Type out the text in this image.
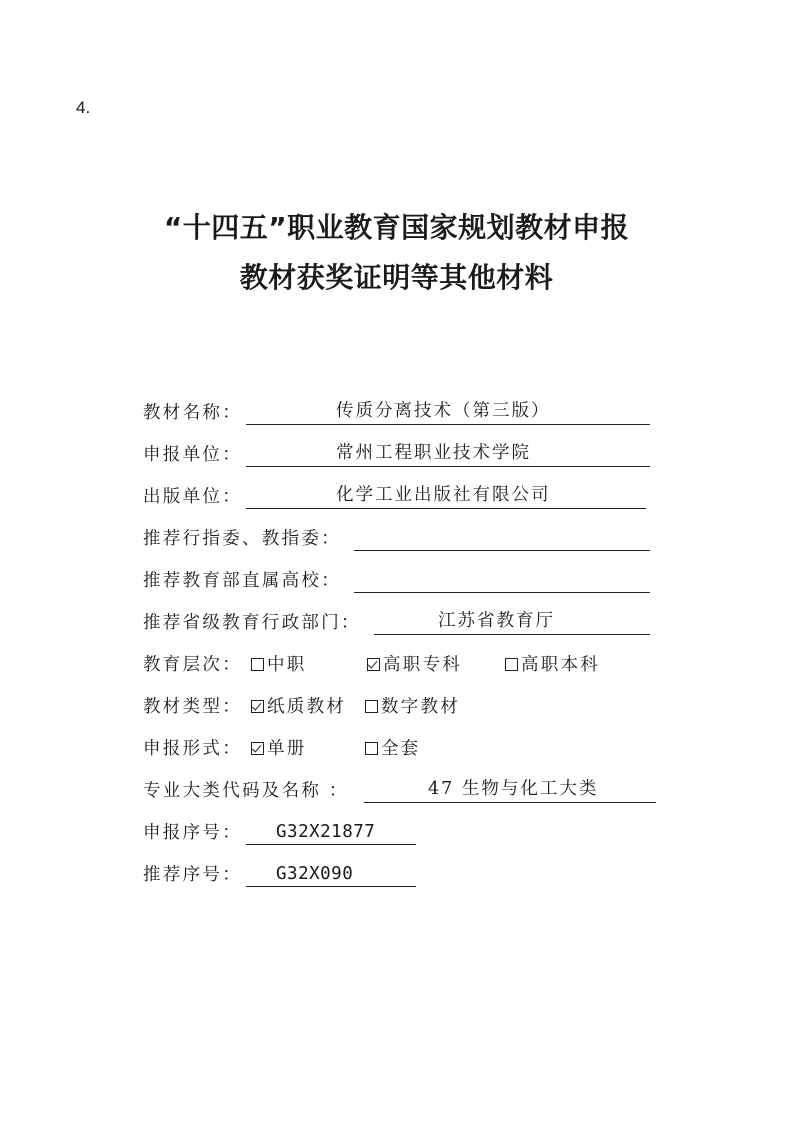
4.
“十四五”职业教育国家规划教材申报
教材获奖证明等其他材料
教材名称：	传质分离技术（第三版）
申报单位：	常州工程职业技术学院
出版单位：	化学工业出版社有限公司
推荐行指委、教指委：
推荐教育部直属高校：
推荐省级教育行政部门：	江苏省教育厅
教育层次：	中职	高职专科	高职本科
教材类型：	纸质教材	数字教材
申报形式：	单册	全套
专业大类代码及名称 ：	47 生物与化工大类
申报序号： G32X21877
推荐序号： G32X090
